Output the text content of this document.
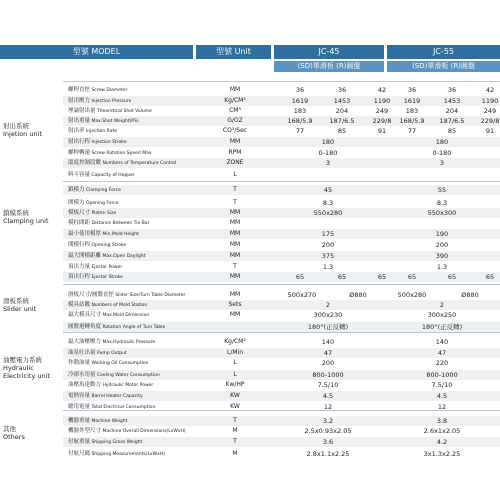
型號 MODEL	型號 Unit	JC-45	JC-55
(SD)單滑板 (R)圓盤	(SD)單滑板 (R)圓盤
射出系統
Injetion unit
鎖模系統
Clamping unit
滑板系統
Slider unit
油壓電力系統
Hydraulic
Electricity unit
其他
Others
螺桿直徑 Screw Diameter	MM	36	36	42	36	36	42
射出壓力 Injection Pressure	Kg/CM²	1619	1453	1190	1619	1453	1190
理論射出量 Theoretical Shot Volume	CM³	183	204	249	183	204	249
射出重量 Max.Shot Weight(PS)	G/OZ	168/5.9	187/6.5	229/8	168/5.9	187/6.5	229/8
射出率 Injection Rate	CO³/Sec	77	85	91	77	85	91
射出行程 Injection Stroke	MM	180	180
螺桿轉速 Screw Rotation Speed Max	RPM	0-180	0-180
溫度控制段數 Numbers of Temperature Control	ZONE	3	3
料斗容量 Capacity of Hopper	L
鎖模力 Clamping Force	T	45	55
開模力 Opening Force	T	8.3	8.3
模板尺寸 Platen Size	MM	550x280	550x300
模柱間距 Distance Between Tie Bar	MM
最小使用模厚 Min.Mold Height	MM	175	190
開模行程 Opening Stroke	MM	200	200
最大開模距離 Max.Open Daylight	MM	375	390
頂出力量 Ejector Power	T	1.3	1.3
頂出行程 Ejector Stroke	MM	65	65	65	65	65	65
滑板尺寸/圓盤直徑 Slider Size/Turn Table Diameter	MM	500x270	Ø880	500x280	Ø880
模具站數 Numbers of Mold Station	Sets	2	2
最大模具尺寸 Max.Mold Dimension	MM	300x230	300x250
圓盤迴轉角度 Rotation Angle of Turn Table	180°(正反轉)	180°(正反轉)
最大油壓壓力 Max.Hydraulic Pressure	Kg/CM²	140	140
油泵吐出量 Pump Output	L/Min	47	47
作動油量 Working Oil Consumption	L	200	220
冷卻水用量 Cooling Water Consumption	L	800-1000	800-1000
油壓馬達動力 Hydraulic Motor Power	Kw/HP	7.5/10	7.5/10
電熱容量 Barrel Heater Capacity	KW	4.5	4.5
總用電量 Total Electrical Consumption	KW	12	12
機器重量 Machine Weight	T	3.2	3.8
機器外型尺寸 Machine Overall Dimensions(LxWxH)	M	2.5x0.93x2.05	2.6x1x2.05
付航重量 Shipping Gross Weight	T	3.6	4.2
付航尺碼 Shipping Measurements(LxWxH)	M	2.8x1.1x2.25	3x1.3x2.25
